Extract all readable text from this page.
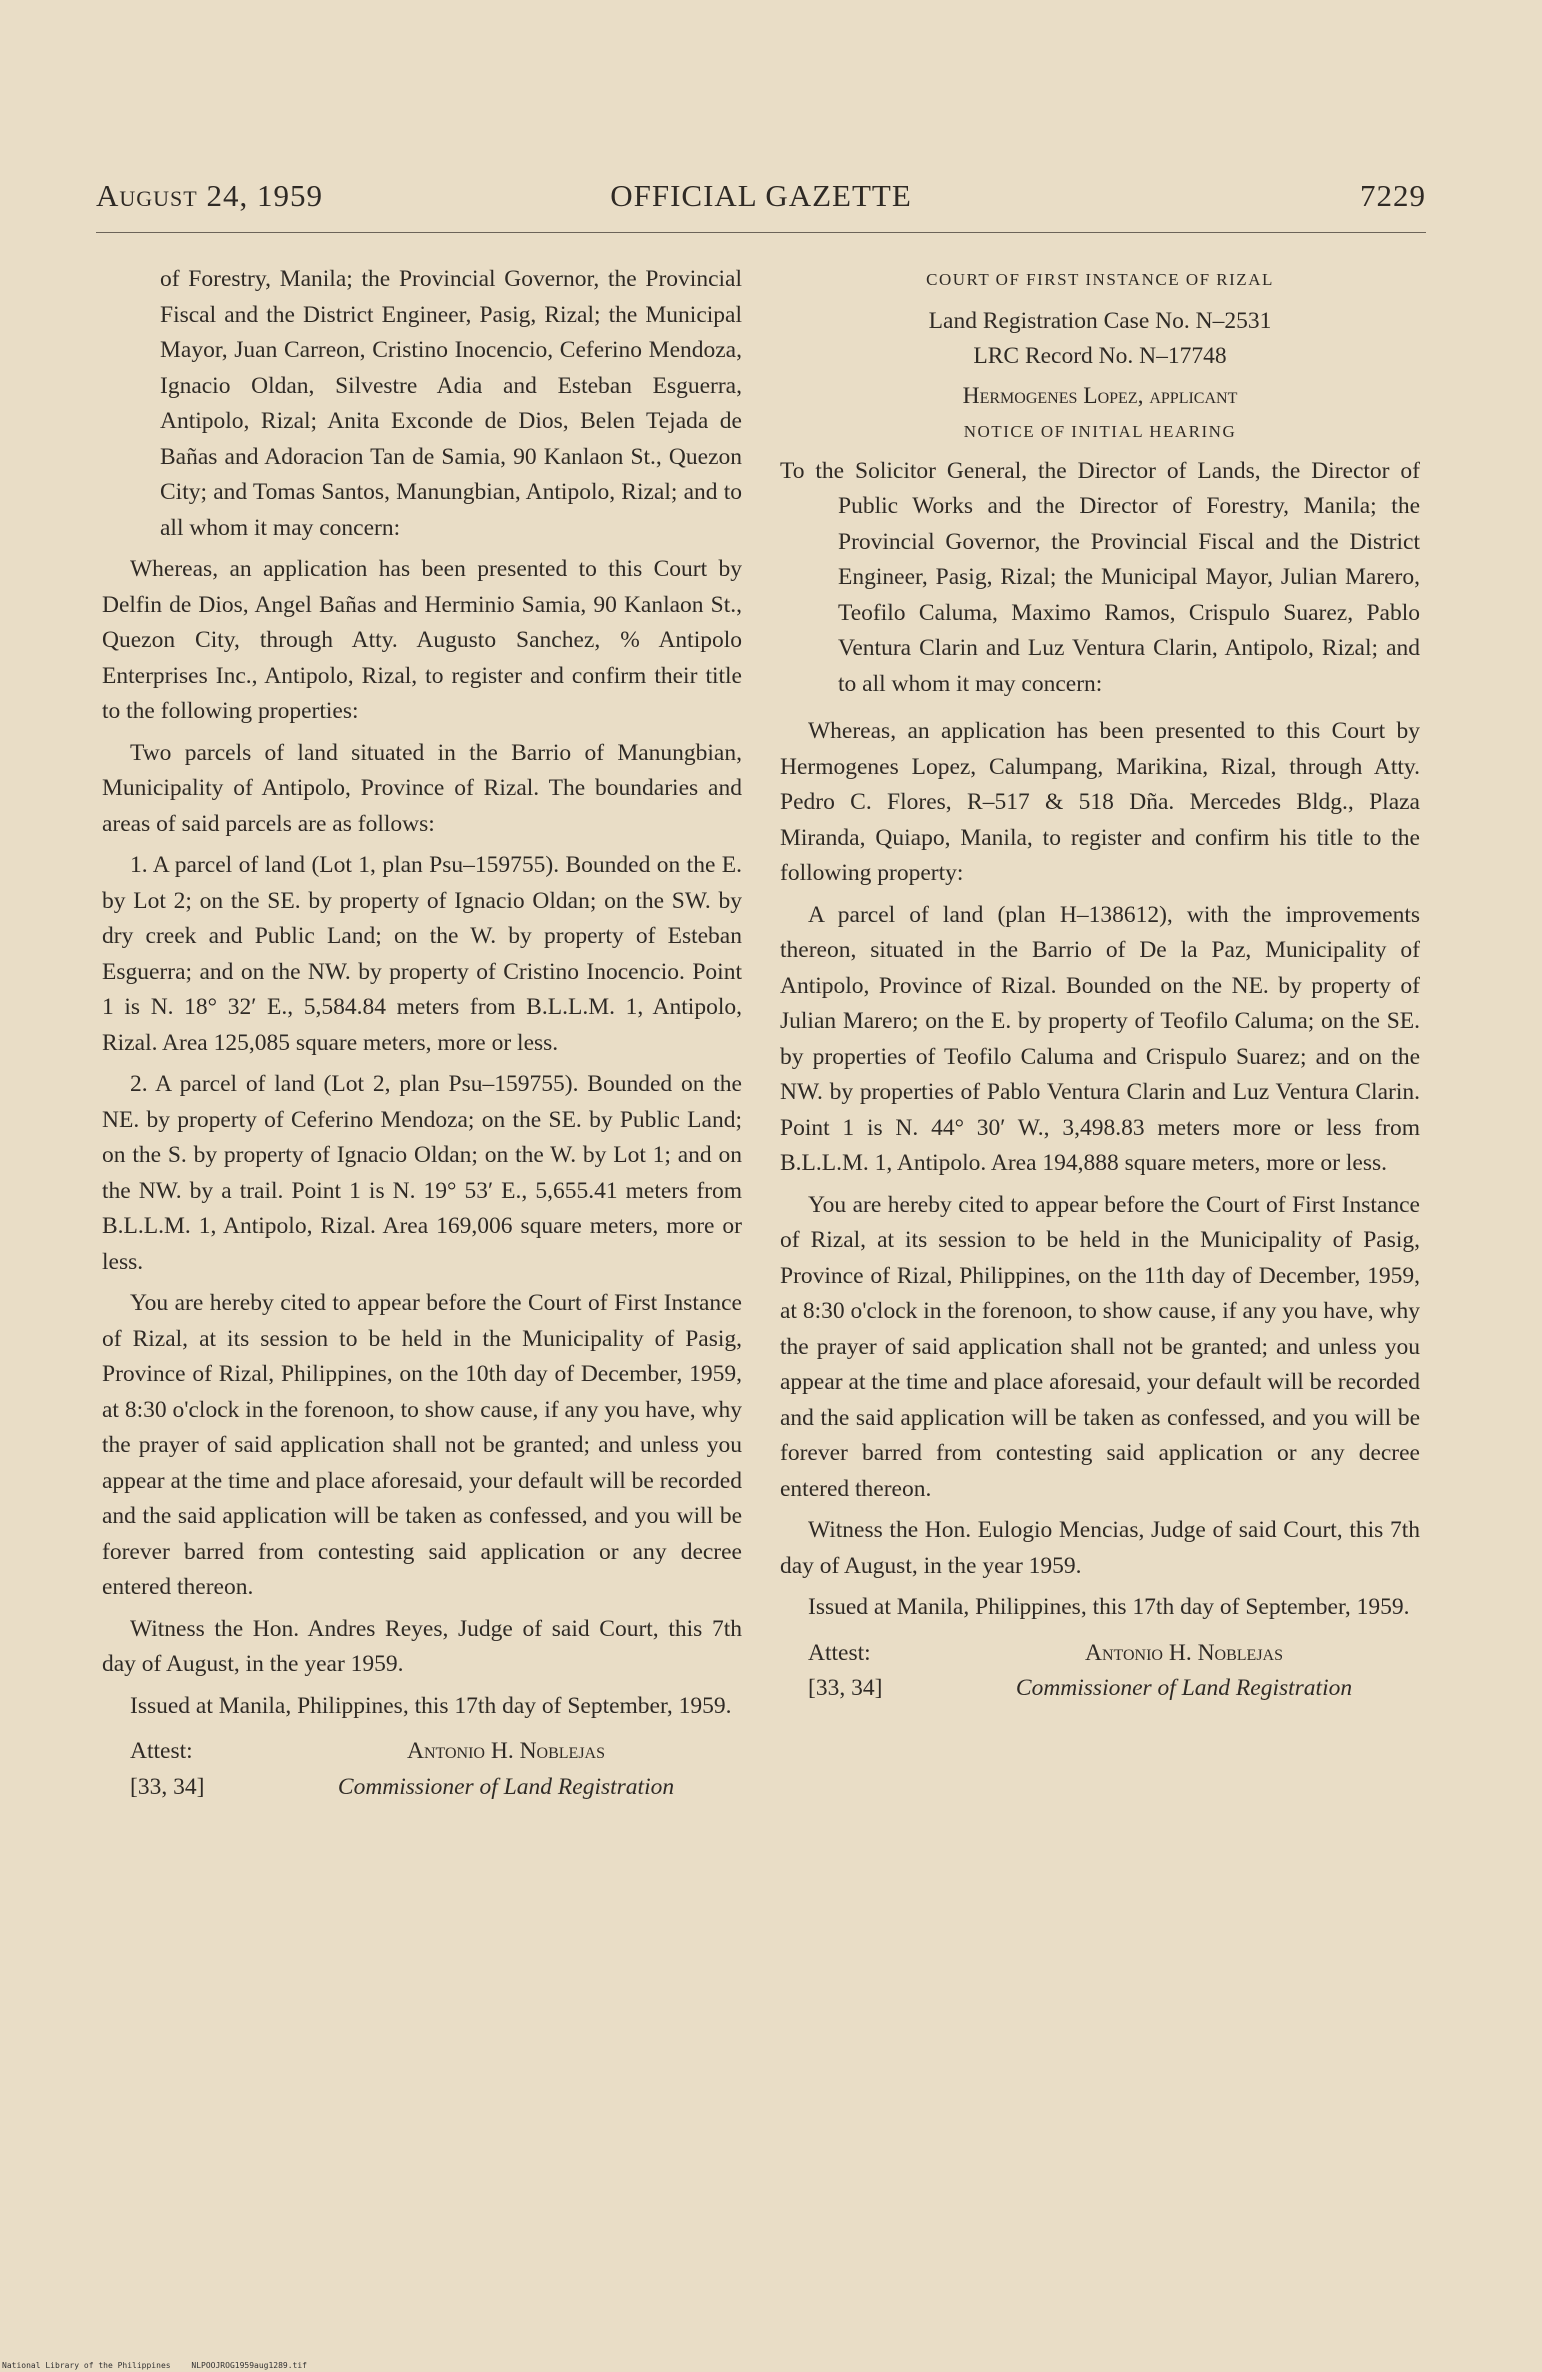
August 24, 1959	OFFICIAL GAZETTE	7229

of Forestry, Manila; the Provincial Governor, the Provincial Fiscal and the District Engineer, Pasig, Rizal; the Municipal Mayor, Juan Carreon, Cristino Inocencio, Ceferino Mendoza, Ignacio Oldan, Silvestre Adia and Esteban Esguerra, Antipolo, Rizal; Anita Exconde de Dios, Belen Tejada de Bañas and Adoracion Tan de Samia, 90 Kanlaon St., Quezon City; and Tomas Santos, Manungbian, Antipolo, Rizal; and to all whom it may concern:

Whereas, an application has been presented to this Court by Delfin de Dios, Angel Bañas and Herminio Samia, 90 Kanlaon St., Quezon City, through Atty. Augusto Sanchez, % Antipolo Enterprises Inc., Antipolo, Rizal, to register and confirm their title to the following properties:

Two parcels of land situated in the Barrio of Manungbian, Municipality of Antipolo, Province of Rizal. The boundaries and areas of said parcels are as follows:

1. A parcel of land (Lot 1, plan Psu–159755). Bounded on the E. by Lot 2; on the SE. by property of Ignacio Oldan; on the SW. by dry creek and Public Land; on the W. by property of Esteban Esguerra; and on the NW. by property of Cristino Inocencio. Point 1 is N. 18° 32′ E., 5,584.84 meters from B.L.L.M. 1, Antipolo, Rizal. Area 125,085 square meters, more or less.

2. A parcel of land (Lot 2, plan Psu–159755). Bounded on the NE. by property of Ceferino Mendoza; on the SE. by Public Land; on the S. by property of Ignacio Oldan; on the W. by Lot 1; and on the NW. by a trail. Point 1 is N. 19° 53′ E., 5,655.41 meters from B.L.L.M. 1, Antipolo, Rizal. Area 169,006 square meters, more or less.

You are hereby cited to appear before the Court of First Instance of Rizal, at its session to be held in the Municipality of Pasig, Province of Rizal, Philippines, on the 10th day of December, 1959, at 8:30 o'clock in the forenoon, to show cause, if any you have, why the prayer of said application shall not be granted; and unless you appear at the time and place aforesaid, your default will be recorded and the said application will be taken as confessed, and you will be forever barred from contesting said application or any decree entered thereon.

Witness the Hon. Andres Reyes, Judge of said Court, this 7th day of August, in the year 1959.

Issued at Manila, Philippines, this 17th day of September, 1959.

Attest:
[33, 34]
Antonio H. Noblejas
Commissioner of Land Registration

COURT OF FIRST INSTANCE OF RIZAL

Land Registration Case No. N–2531

LRC Record No. N–17748

Hermogenes Lopez, applicant

NOTICE OF INITIAL HEARING

To the Solicitor General, the Director of Lands, the Director of Public Works and the Director of Forestry, Manila; the Provincial Governor, the Provincial Fiscal and the District Engineer, Pasig, Rizal; the Municipal Mayor, Julian Marero, Teofilo Caluma, Maximo Ramos, Crispulo Suarez, Pablo Ventura Clarin and Luz Ventura Clarin, Antipolo, Rizal; and to all whom it may concern:

Whereas, an application has been presented to this Court by Hermogenes Lopez, Calumpang, Marikina, Rizal, through Atty. Pedro C. Flores, R–517 & 518 Dña. Mercedes Bldg., Plaza Miranda, Quiapo, Manila, to register and confirm his title to the following property:

A parcel of land (plan H–138612), with the improvements thereon, situated in the Barrio of De la Paz, Municipality of Antipolo, Province of Rizal. Bounded on the NE. by property of Julian Marero; on the E. by property of Teofilo Caluma; on the SE. by properties of Teofilo Caluma and Crispulo Suarez; and on the NW. by properties of Pablo Ventura Clarin and Luz Ventura Clarin. Point 1 is N. 44° 30′ W., 3,498.83 meters more or less from B.L.L.M. 1, Antipolo. Area 194,888 square meters, more or less.

You are hereby cited to appear before the Court of First Instance of Rizal, at its session to be held in the Municipality of Pasig, Province of Rizal, Philippines, on the 11th day of December, 1959, at 8:30 o'clock in the forenoon, to show cause, if any you have, why the prayer of said application shall not be granted; and unless you appear at the time and place aforesaid, your default will be recorded and the said application will be taken as confessed, and you will be forever barred from contesting said application or any decree entered thereon.

Witness the Hon. Eulogio Mencias, Judge of said Court, this 7th day of August, in the year 1959.

Issued at Manila, Philippines, this 17th day of September, 1959.

Attest:
[33, 34]
Antonio H. Noblejas
Commissioner of Land Registration
National Library of the Philippines	NLPOOJROG1959aug1289.tif
